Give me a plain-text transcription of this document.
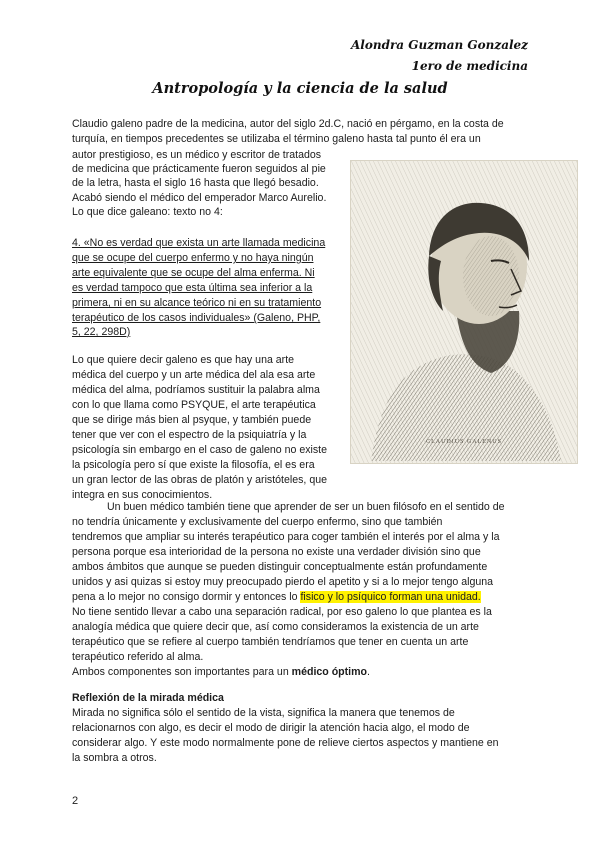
Alondra Guzman Gonzalez
1ero de medicina
Antropología y la ciencia de la salud

Claudio galeno padre de la medicina, autor del siglo 2d.C, nació en pérgamo, en la costa de

turquía, en tiempos precedentes se utilizaba el término galeno hasta tal punto él era un

autor prestigioso, es un médico y escritor de tratados

de medicina que prácticamente fueron seguidos al pie

de la letra, hasta el siglo 16 hasta que llegó besadio.

Acabó siendo el médico del emperador Marco Aurelio.

Lo que dice galeano: texto no 4:

4. «No es verdad que exista un arte llamada medicina

que se ocupe del cuerpo enfermo y no haya ningún

arte equivalente que se ocupe del alma enferma. Ni

es verdad tampoco que esta última sea inferior a la

primera, ni en su alcance teórico ni en su tratamiento

terapéutico de los casos individuales» (Galeno, PHP,

5, 22, 298D)

Lo que quiere decir galeno es que hay una arte

médica del cuerpo y un arte médica del ala esa arte

médica del alma, podríamos sustituir la palabra alma

con lo que llama como PSYQUE, el arte terapéutica

que se dirige más bien al psyque, y también puede

tener que ver con el espectro de la psiquiatría y la

psicología sin embargo en el caso de galeno no existe

la psicología pero sí que existe la filosofía, el es era

un gran lector de las obras de platón y aristóteles, que

integra en sus conocimientos.

CLAUDIUS GALENUS

Un buen médico también tiene que aprender de ser un buen filósofo en el sentido de

no tendría únicamente y exclusivamente del cuerpo enfermo, sino que también

tendremos que ampliar su interés terapéutico para coger también el interés por el alma y la

persona porque esa interioridad de la persona no existe una verdader división sino que

ambos ámbitos que aunque se pueden distinguir conceptualmente están profundamente

unidos y asi quizas si estoy muy preocupado pierdo el apetito y si a lo mejor tengo alguna

pena a lo mejor no consigo dormir y entonces lo fisico y lo psíquico forman una unidad.

No tiene sentido llevar a cabo una separación radical, por eso galeno lo que plantea es la

analogía médica que quiere decir que, así como consideramos la existencia de un arte

terapéutico que se refiere al cuerpo también tendríamos que tener en cuenta un arte

terapéutico referido al alma.

Ambos componentes son importantes para un médico óptimo.

Reflexión de la mirada médica

Mirada no significa sólo el sentido de la vista, significa la manera que tenemos de

relacionarnos con algo, es decir el modo de dirigir la atención hacia algo, el modo de

considerar algo. Y este modo normalmente pone de relieve ciertos aspectos y mantiene en

la sombra a otros.

2
